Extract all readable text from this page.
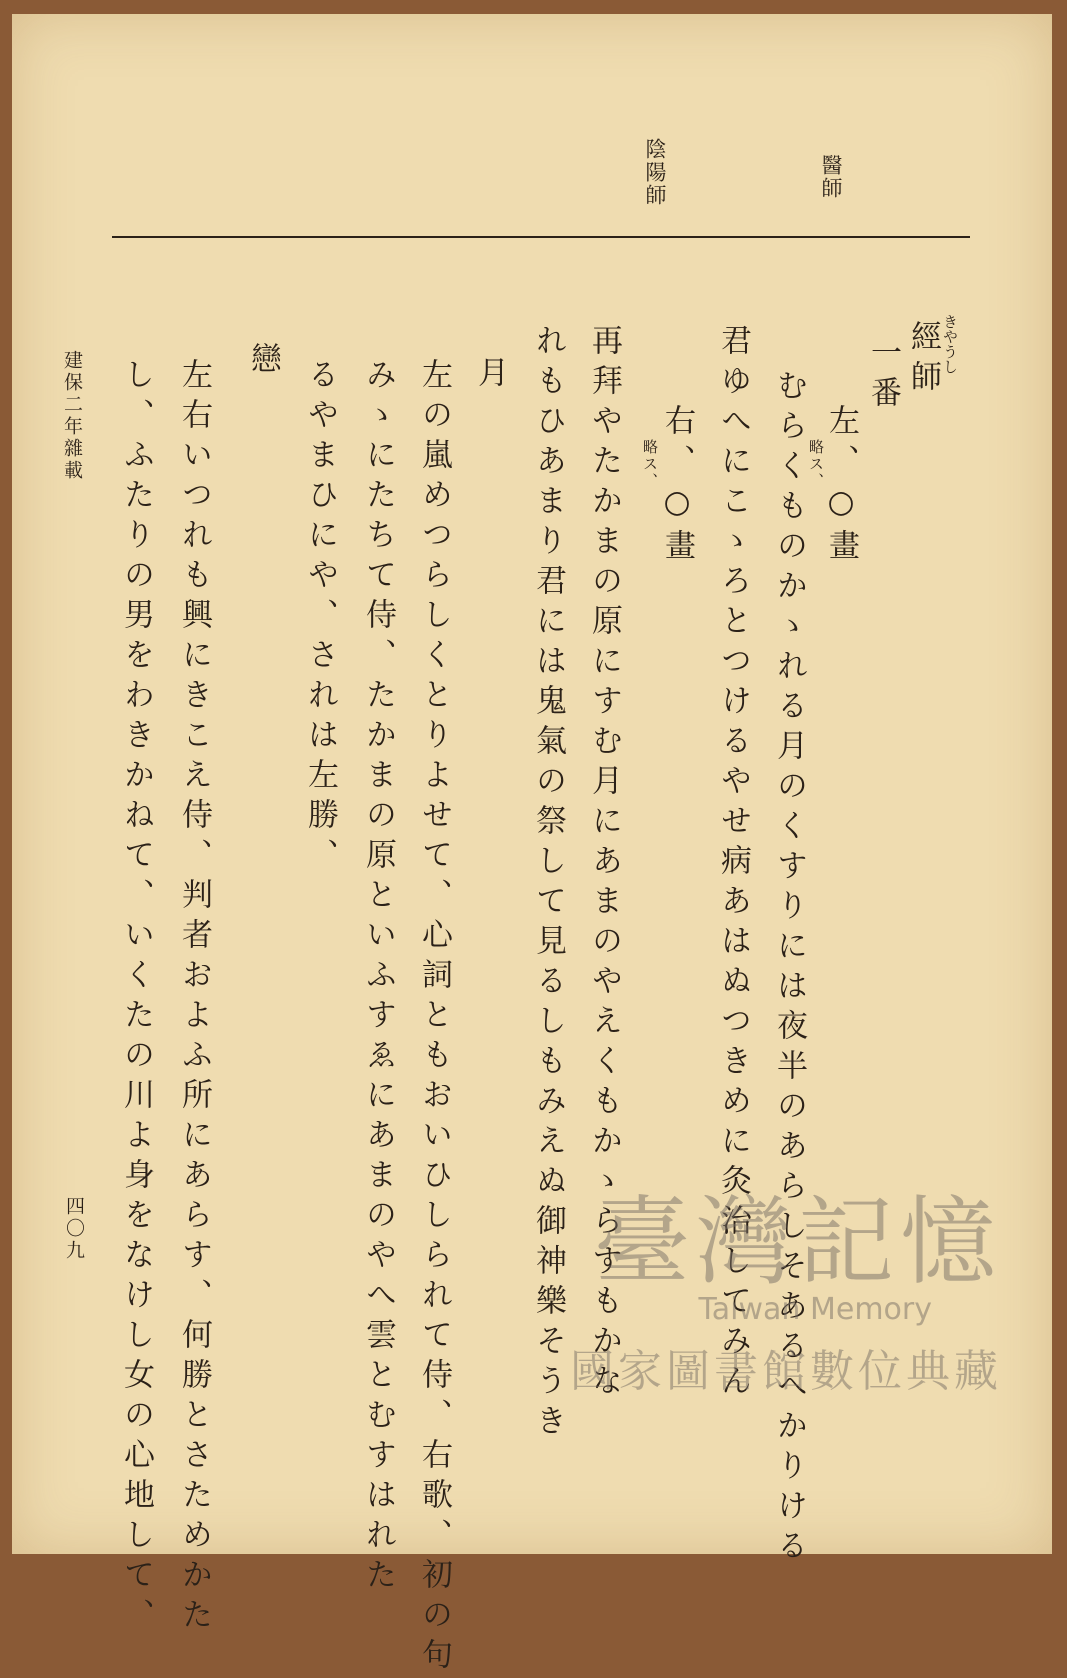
醫師
陰陽師
經師 きやうし
一番
左、○畫
略ス、
むらくものかゝれる月のくすりには夜半のあらしそあるへかりける
君ゆへにこゝろとつけるやせ病あはぬつきめに灸治してみん
右、○畫
略ス、
再拜やたかまの原にすむ月にあまのやえくもかゝらすもかな
れもひあまり君には鬼氣の祭して見るしもみえぬ御神樂そうき
月
左の嵐めつらしくとりよせて、心詞ともおいひしられて侍、右歌、初の句
みゝにたちて侍、たかまの原といふすゑにあまのやへ雲とむすはれた
るやまひにや、されは左勝、
戀
左右いつれも興にきこえ侍、判者およふ所にあらす、何勝とさためかた
し、ふたりの男をわきかねて、いくたの川よ身をなけし女の心地して、
建保二年雜載
四〇九	臺灣記憶
Taiwan Memory
國家圖書館數位典藏
